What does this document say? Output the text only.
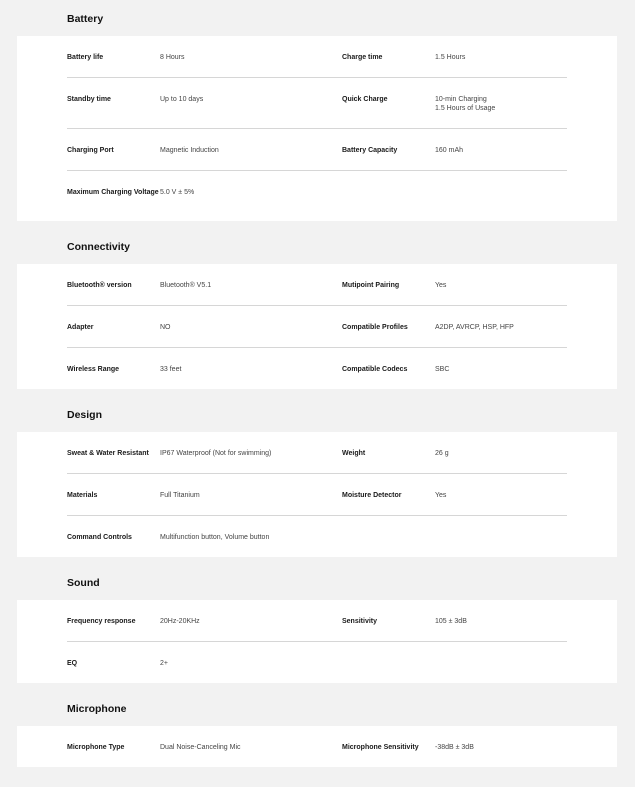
Battery
Battery life	8 Hours	Charge time	1.5 Hours
Standby time	Up to 10 days	Quick Charge	10-min Charging
1.5 Hours of Usage
Charging Port	Magnetic Induction	Battery Capacity	160 mAh
Maximum Charging Voltage 5.0 V ± 5%
Connectivity
Bluetooth® version	Bluetooth® V5.1	Mutipoint Pairing	Yes
Adapter	NO	Compatible Profiles	A2DP, AVRCP, HSP, HFP
Wireless Range	33 feet	Compatible Codecs	SBC
Design
Sweat & Water Resistant	IP67 Waterproof (Not for swimming)	Weight	26 g
Materials	Full Titanium	Moisture Detector	Yes
Command Controls	Multifunction button, Volume button
Sound
Frequency response	20Hz-20KHz	Sensitivity	105 ± 3dB
EQ	2+
Microphone
Microphone Type	Dual Noise-Canceling Mic	Microphone Sensitivity	-38dB ± 3dB
